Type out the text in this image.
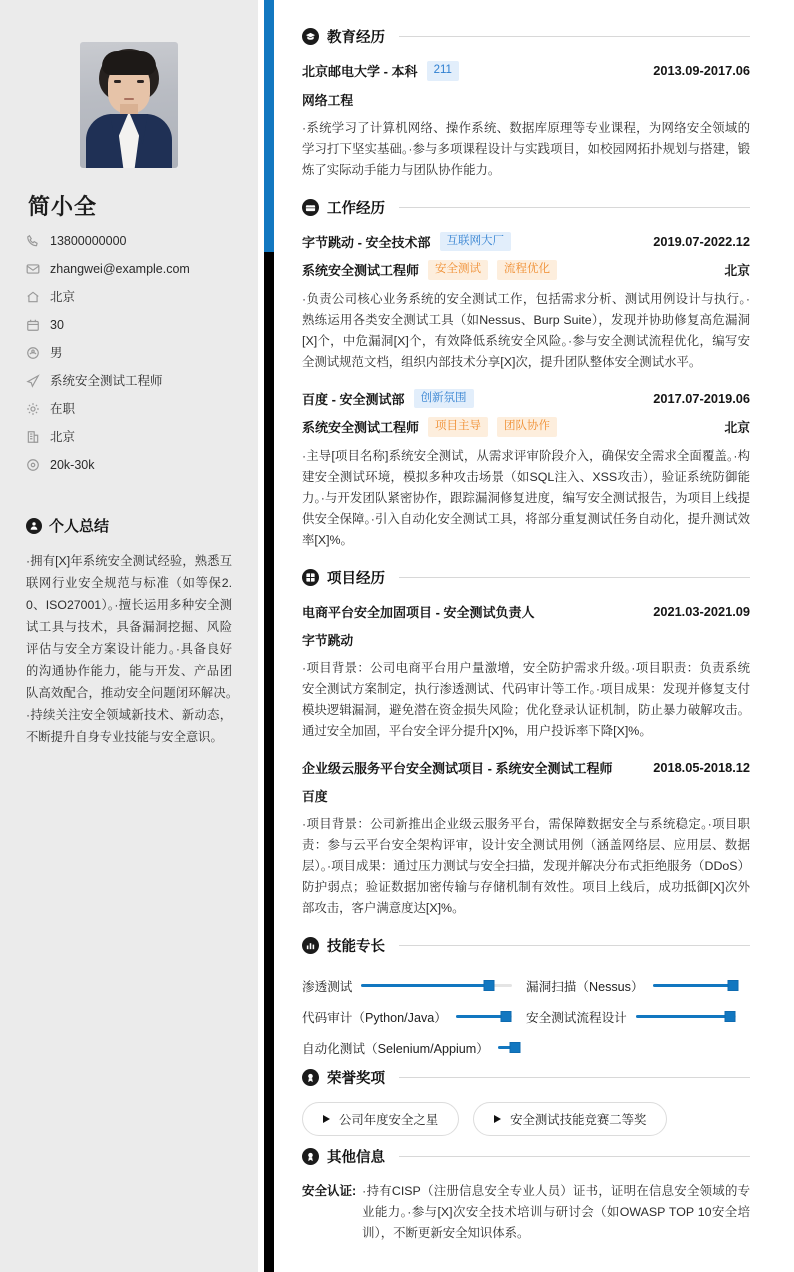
简小全
13800000000
zhangwei@example.com
北京
30
男
系统安全测试工程师
在职
北京
20k-30k
个人总结
·拥有[X]年系统安全测试经验，熟悉互联网行业安全规范与标准（如等保2.0、ISO27001）。·擅长运用多种安全测试工具与技术，具备漏洞挖掘、风险评估与安全方案设计能力。·具备良好的沟通协作能力，能与开发、产品团队高效配合，推动安全问题闭环解决。·持续关注安全领域新技术、新动态，不断提升自身专业技能与安全意识。
教育经历
北京邮电大学 - 本科	211	2013.09-2017.06
网络工程
·系统学习了计算机网络、操作系统、数据库原理等专业课程，为网络安全领域的学习打下坚实基础。·参与多项课程设计与实践项目，如校园网拓扑规划与搭建，锻炼了实际动手能力与团队协作能力。
工作经历
字节跳动 - 安全技术部	互联网大厂	2019.07-2022.12
系统安全测试工程师	安全测试	流程优化	北京
·负责公司核心业务系统的安全测试工作，包括需求分析、测试用例设计与执行。·熟练运用各类安全测试工具（如Nessus、Burp Suite），发现并协助修复高危漏洞[X]个，中危漏洞[X]个，有效降低系统安全风险。·参与安全测试流程优化，编写安全测试规范文档，组织内部技术分享[X]次，提升团队整体安全测试水平。
百度 - 安全测试部	创新氛围	2017.07-2019.06
系统安全测试工程师	项目主导	团队协作	北京
·主导[项目名称]系统安全测试，从需求评审阶段介入，确保安全需求全面覆盖。·构建安全测试环境，模拟多种攻击场景（如SQL注入、XSS攻击），验证系统防御能力。·与开发团队紧密协作，跟踪漏洞修复进度，编写安全测试报告，为项目上线提供安全保障。·引入自动化安全测试工具，将部分重复测试任务自动化，提升测试效率[X]%。
项目经历
电商平台安全加固项目 - 安全测试负责人	2021.03-2021.09
字节跳动
·项目背景：公司电商平台用户量激增，安全防护需求升级。·项目职责：负责系统安全测试方案制定，执行渗透测试、代码审计等工作。·项目成果：发现并修复支付模块逻辑漏洞，避免潜在资金损失风险；优化登录认证机制，防止暴力破解攻击。通过安全加固，平台安全评分提升[X]%，用户投诉率下降[X]%。
企业级云服务平台安全测试项目 - 系统安全测试工程师	2018.05-2018.12
百度
·项目背景：公司新推出企业级云服务平台，需保障数据安全与系统稳定。·项目职责：参与云平台安全架构评审，设计安全测试用例（涵盖网络层、应用层、数据层）。·项目成果：通过压力测试与安全扫描，发现并解决分布式拒绝服务（DDoS）防护弱点；验证数据加密传输与存储机制有效性。项目上线后，成功抵御[X]次外部攻击，客户满意度达[X]%。
技能专长
渗透测试	漏洞扫描（Nessus）
代码审计（Python/Java）	安全测试流程设计
自动化测试（Selenium/Appium）
荣誉奖项
公司年度安全之星	安全测试技能竞赛二等奖
其他信息
安全认证: ·持有CISP（注册信息安全专业人员）证书，证明在信息安全领域的专业能力。·参与[X]次安全技术培训与研讨会（如OWASP TOP 10安全培训），不断更新安全知识体系。
